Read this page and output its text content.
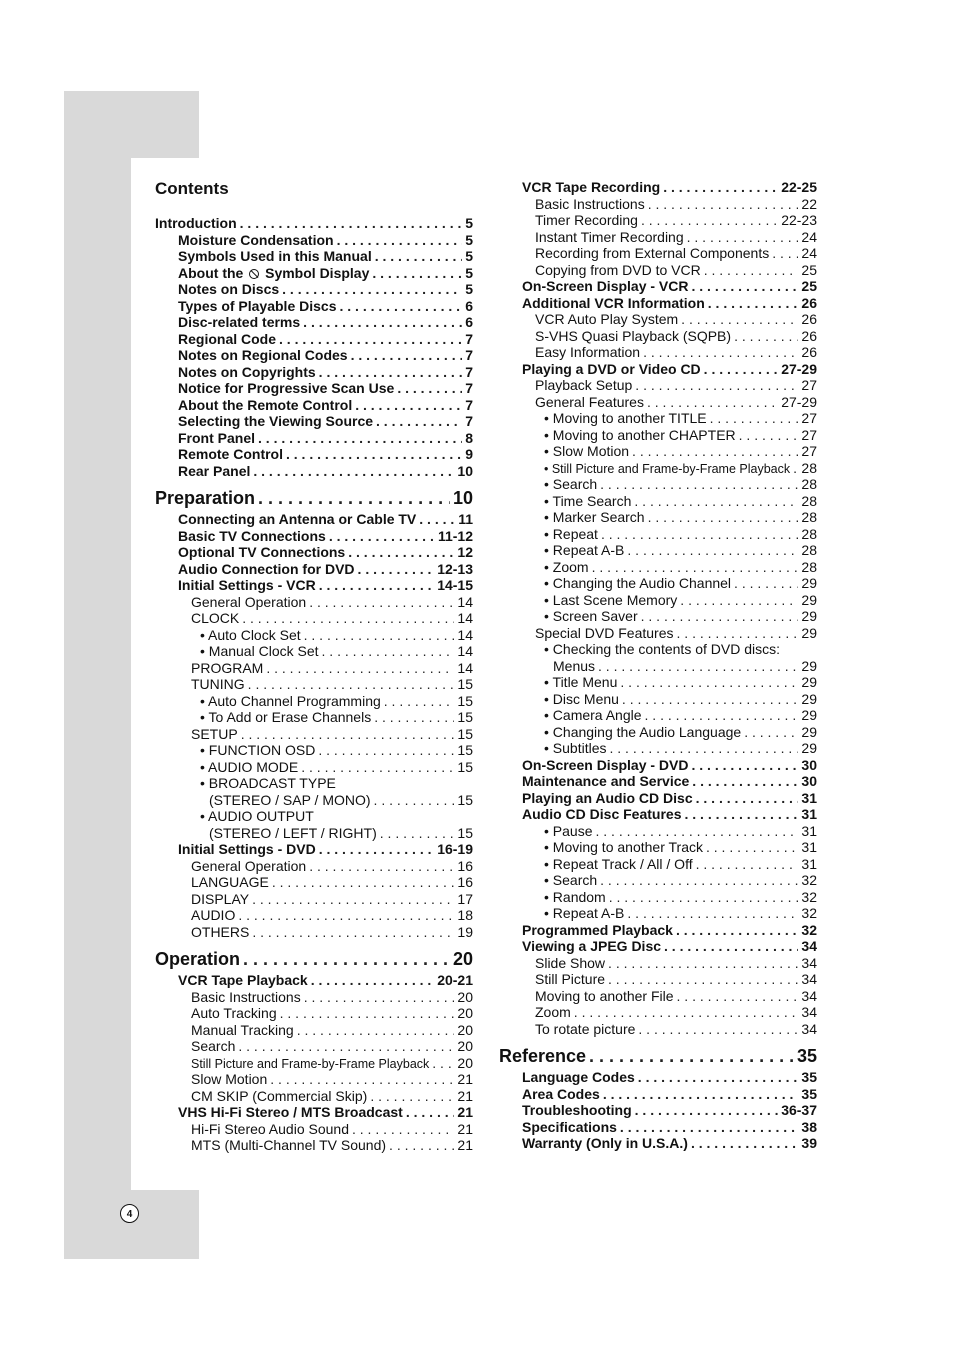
4
Contents
Introduction . . .	5
Moisture Condensation . . .	5
Symbols Used in this Manual . . .	5
About the Symbol Display . . .	5
Notes on Discs . . .	5
Types of Playable Discs . . .	6
Disc-related terms . . .	6
Regional Code . . .	7
Notes on Regional Codes . . .	7
Notes on Copyrights . . .	7
Notice for Progressive Scan Use . . .	7
About the Remote Control . . .	7
Selecting the Viewing Source . . .	7
Front Panel . . .	8
Remote Control . . .	9
Rear Panel . . .	10
Preparation . . .	10
Connecting an Antenna or Cable TV . . .	11
Basic TV Connections . . .	11-12
Optional TV Connections . . .	12
Audio Connection for DVD . . .	12-13
Initial Settings - VCR . . .	14-15
General Operation . . .	14
CLOCK . . .	14
• Auto Clock Set . . .	14
• Manual Clock Set . . .	14
PROGRAM . . .	14
TUNING . . .	15
• Auto Channel Programming . . .	15
• To Add or Erase Channels . . .	15
SETUP . . .	15
• FUNCTION OSD . . .	15
• AUDIO MODE . . .	15
• BROADCAST TYPE
(STEREO / SAP / MONO) . . .	15
• AUDIO OUTPUT
(STEREO / LEFT / RIGHT) . . .	15
Initial Settings - DVD . . .	16-19
General Operation . . .	16
LANGUAGE . . .	16
DISPLAY . . .	17
AUDIO . . .	18
OTHERS . . .	19
Operation . . .	20
VCR Tape Playback . . .	20-21
Basic Instructions . . .	20
Auto Tracking . . .	20
Manual Tracking . . .	20
Search . . .	20
Still Picture and Frame-by-Frame Playback . . . 20
Slow Motion . . .	21
CM SKIP (Commercial Skip) . . .	21
VHS Hi-Fi Stereo / MTS Broadcast . . .	21
Hi-Fi Stereo Audio Sound . . .	21
MTS (Multi-Channel TV Sound) . . .	21
VCR Tape Recording . . .	22-25
Basic Instructions . . .	22
Timer Recording . . .	22-23
Instant Timer Recording . . .	24
Recording from External Components . . . 24
Copying from DVD to VCR . . .	25
On-Screen Display - VCR . . .	25
Additional VCR Information . . .	26
VCR Auto Play System . . .	26
S-VHS Quasi Playback (SQPB) . . .	26
Easy Information . . .	26
Playing a DVD or Video CD . . .	27-29
Playback Setup . . .	27
General Features . . .	27-29
• Moving to another TITLE . . .	27
• Moving to another CHAPTER . . .	27
• Slow Motion . . .	27
• Still Picture and Frame-by-Frame Playback . . . 28
• Search . . .	28
• Time Search . . .	28
• Marker Search . . .	28
• Repeat . . .	28
• Repeat A-B . . .	28
• Zoom . . .	28
• Changing the Audio Channel . . .	29
• Last Scene Memory . . .	29
• Screen Saver . . .	29
Special DVD Features . . .	29
• Checking the contents of DVD discs:
Menus . . .	29
• Title Menu . . .	29
• Disc Menu . . .	29
• Camera Angle . . .	29
• Changing the Audio Language . . .	29
• Subtitles . . .	29
On-Screen Display - DVD . . .	30
Maintenance and Service . . .	30
Playing an Audio CD Disc . . .	31
Audio CD Disc Features . . .	31
• Pause . . .	31
• Moving to another Track . . .	31
• Repeat Track / All / Off . . .	31
• Search . . .	32
• Random . . .	32
• Repeat A-B . . .	32
Programmed Playback . . .	32
Viewing a JPEG Disc . . .	34
Slide Show . . .	34
Still Picture . . .	34
Moving to another File . . .	34
Zoom . . .	34
To rotate picture . . .	34
Reference . . .	35
Language Codes . . .	35
Area Codes . . .	35
Troubleshooting . . .	36-37
Specifications . . .	38
Warranty (Only in U.S.A.) . . .	39
